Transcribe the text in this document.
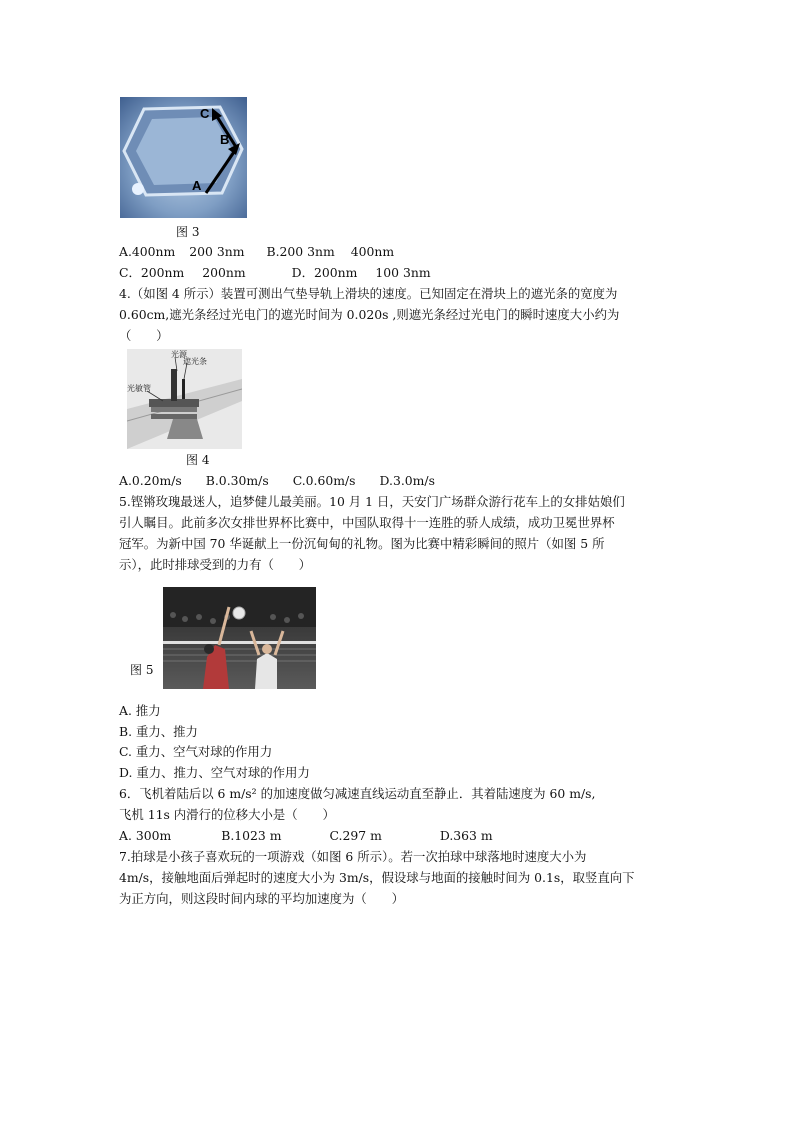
A
B
C
图 3
A.400nm 200 3nm B.200 3nm 400nm
C．200nm 200nm	D．200nm 100 3nm
4.（如图 4 所示）装置可测出气垫导轨上滑块的速度。已知固定在滑块上的遮光条的宽度为
0.60cm,遮光条经过光电门的遮光时间为 0.020s ,则遮光条经过光电门的瞬时速度大小约为
（　　）
光源
遮光条
光敏管
图 4
A.0.20m/s B.0.30m/s C.0.60m/s D.3.0m/s
5.铿锵玫瑰最迷人，追梦健儿最美丽。10 月 1 日，天安门广场群众游行花车上的女排姑娘们
引人瞩目。此前多次女排世界杯比赛中，中国队取得十一连胜的骄人成绩，成功卫冕世界杯
冠军。为新中国 70 华诞献上一份沉甸甸的礼物。图为比赛中精彩瞬间的照片（如图 5 所
示），此时排球受到的力有（　　）
图 5
A. 推力
B. 重力、推力
C. 重力、空气对球的作用力
D. 重力、推力、空气对球的作用力
6．飞机着陆后以 6 m/s² 的加速度做匀减速直线运动直至静止．其着陆速度为 60 m/s,
飞机 11s 内滑行的位移大小是（　　）
A. 300m	B.1023 m	C.297 m	D.363 m
7.拍球是小孩子喜欢玩的一项游戏（如图 6 所示）。若一次拍球中球落地时速度大小为
4m/s，接触地面后弹起时的速度大小为 3m/s，假设球与地面的接触时间为 0.1s，取竖直向下
为正方向，则这段时间内球的平均加速度为（　　）
